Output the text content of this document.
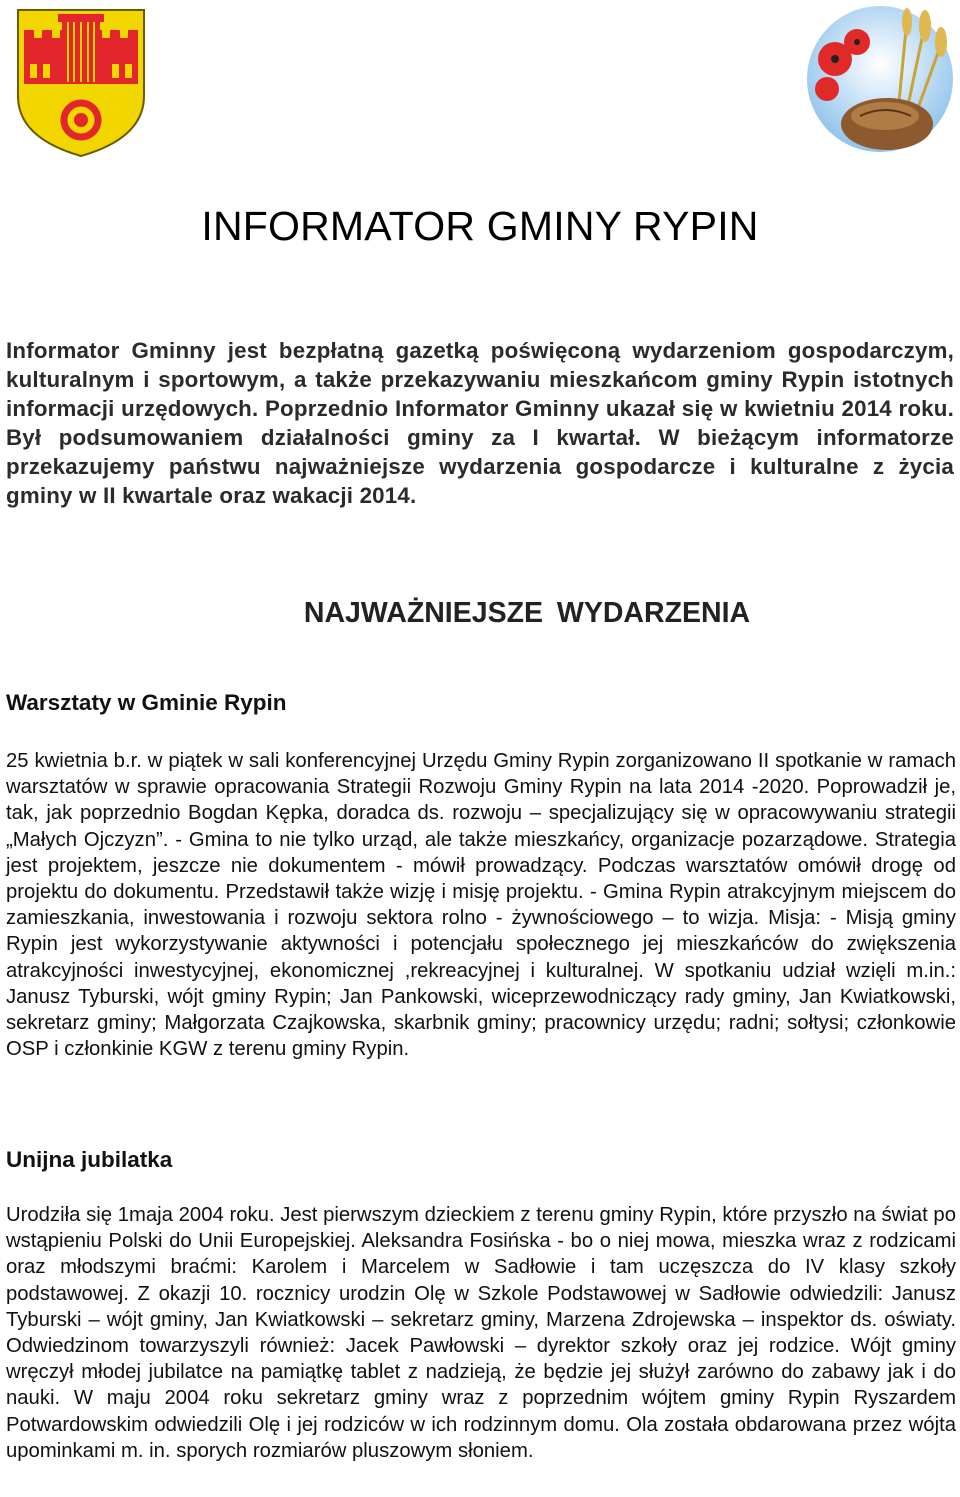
INFORMATOR GMINY RYPIN

Informator Gminny jest bezpłatną gazetką poświęconą wydarzeniom gospodarczym, kulturalnym i sportowym, a także przekazywaniu mieszkańcom gminy Rypin istotnych informacji urzędowych. Poprzednio Informator Gminny ukazał się w kwietniu 2014 roku. Był podsumowaniem działalności gminy za I kwartał. W bieżącym informatorze przekazujemy państwu najważniejsze wydarzenia gospodarcze i kulturalne z życia gminy w II kwartale oraz wakacji 2014.

NAJWAŻNIEJSZE WYDARZENIA
Warsztaty w Gminie Rypin

25 kwietnia b.r. w piątek w sali konferencyjnej Urzędu Gminy Rypin zorganizowano II spotkanie w ramach warsztatów w sprawie opracowania Strategii Rozwoju Gminy Rypin na lata 2014 -2020. Poprowadził je, tak, jak poprzednio Bogdan Kępka, doradca ds. rozwoju – specjalizujący się w opracowywaniu strategii „Małych Ojczyzn”. - Gmina to nie tylko urząd, ale także mieszkańcy, organizacje pozarządowe. Strategia jest projektem, jeszcze nie dokumentem - mówił prowadzący. Podczas warsztatów omówił drogę od projektu do dokumentu. Przedstawił także wizję i misję projektu. - Gmina Rypin atrakcyjnym miejscem do zamieszkania, inwestowania i rozwoju sektora rolno - żywnościowego – to wizja. Misja: - Misją gminy Rypin jest wykorzystywanie aktywności i potencjału społecznego jej mieszkańców do zwiększenia atrakcyjności inwestycyjnej, ekonomicznej ,rekreacyjnej i kulturalnej. W spotkaniu udział wzięli m.in.: Janusz Tyburski, wójt gminy Rypin; Jan Pankowski, wiceprzewodniczący rady gminy, Jan Kwiatkowski, sekretarz gminy; Małgorzata Czajkowska, skarbnik gminy; pracownicy urzędu; radni; sołtysi; członkowie OSP i członkinie KGW z terenu gminy Rypin.

Unijna jubilatka

Urodziła się 1maja 2004 roku. Jest pierwszym dzieckiem z terenu gminy Rypin, które przyszło na świat po wstąpieniu Polski do Unii Europejskiej. Aleksandra Fosińska - bo o niej mowa, mieszka wraz z rodzicami oraz młodszymi braćmi: Karolem i Marcelem w Sadłowie i tam uczęszcza do IV klasy szkoły podstawowej. Z okazji 10. rocznicy urodzin Olę w Szkole Podstawowej w Sadłowie odwiedzili: Janusz Tyburski – wójt gminy, Jan Kwiatkowski – sekretarz gminy, Marzena Zdrojewska – inspektor ds. oświaty. Odwiedzinom towarzyszyli również: Jacek Pawłowski – dyrektor szkoły oraz jej rodzice. Wójt gminy wręczył młodej jubilatce na pamiątkę tablet z nadzieją, że będzie jej służył zarówno do zabawy jak i do nauki. W maju 2004 roku sekretarz gminy wraz z poprzednim wójtem gminy Rypin Ryszardem Potwardowskim odwiedzili Olę i jej rodziców w ich rodzinnym domu. Ola została obdarowana przez wójta upominkami m. in. sporych rozmiarów pluszowym słoniem.
